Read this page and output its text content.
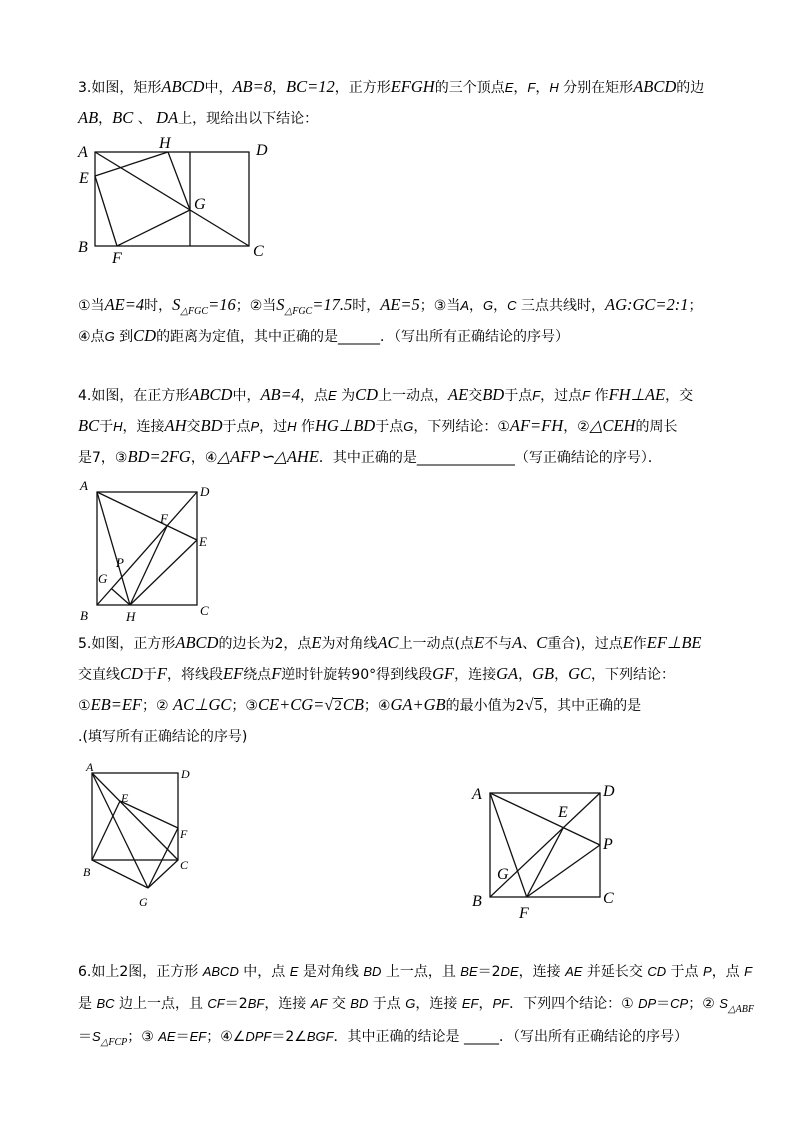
3.如图，矩形ABCD中，AB=8，BC=12，正方形EFGH的三个顶点E，F，H 分别在矩形ABCD的边
AB，BC 、 DA上，现给出以下结论：
A
H	D
E
G
B
F	C
①当AE=4时，$S_{\triangle FGC}=16$；②当$S_{\triangle FGC}=17.5$时，AE=5；③当A，G，C 三点共线时，AG:GC=2:1；
④点G 到CD的距离为定值，其中正确的是______．（写出所有正确结论的序号）
4.如图，在正方形ABCD中，AB=4，点E 为CD上一动点，AE交BD于点F，过点F 作FH⊥AE，交
BC于H，连接AH交BD于点P，过H 作HG⊥BD于点G，下列结论：①AF=FH，②△CEH的周长
是7，③BD=2FG，④△AFP∽△AHE．其中正确的是______________（写正确结论的序号）．
A	D
F
E
P
G
B	H	C
5.如图，正方形ABCD的边长为2，点E为对角线AC上一动点(点E不与A、C重合)，过点E作EF⊥BE
交直线CD于F，将线段EF绕点F逆时针旋转90°得到线段GF，连接GA，GB，GC，下列结论：
①EB=EF；② AC⊥GC；③CE+CG=√2CB；④GA+GB的最小值为2√5，其中正确的是
.(填写所有正确结论的序号)
A	D
E
F
B	C
G
A	D
E
P
G
B
F
C
6.如上2图，正方形 ABCD 中，点 E 是对角线 BD 上一点，且 BE＝2DE，连接 AE 并延长交 CD 于点 P，点 F
是 BC 边上一点，且 CF＝2BF，连接 AF 交 BD 于点 G，连接 EF，PF．下列四个结论：① DP＝CP；② $S_{\triangle ABF}$
$=S_{\triangle FCP}$；③ AE＝EF；④∠DPF＝2∠BGF．其中正确的结论是 _____．（写出所有正确结论的序号）
